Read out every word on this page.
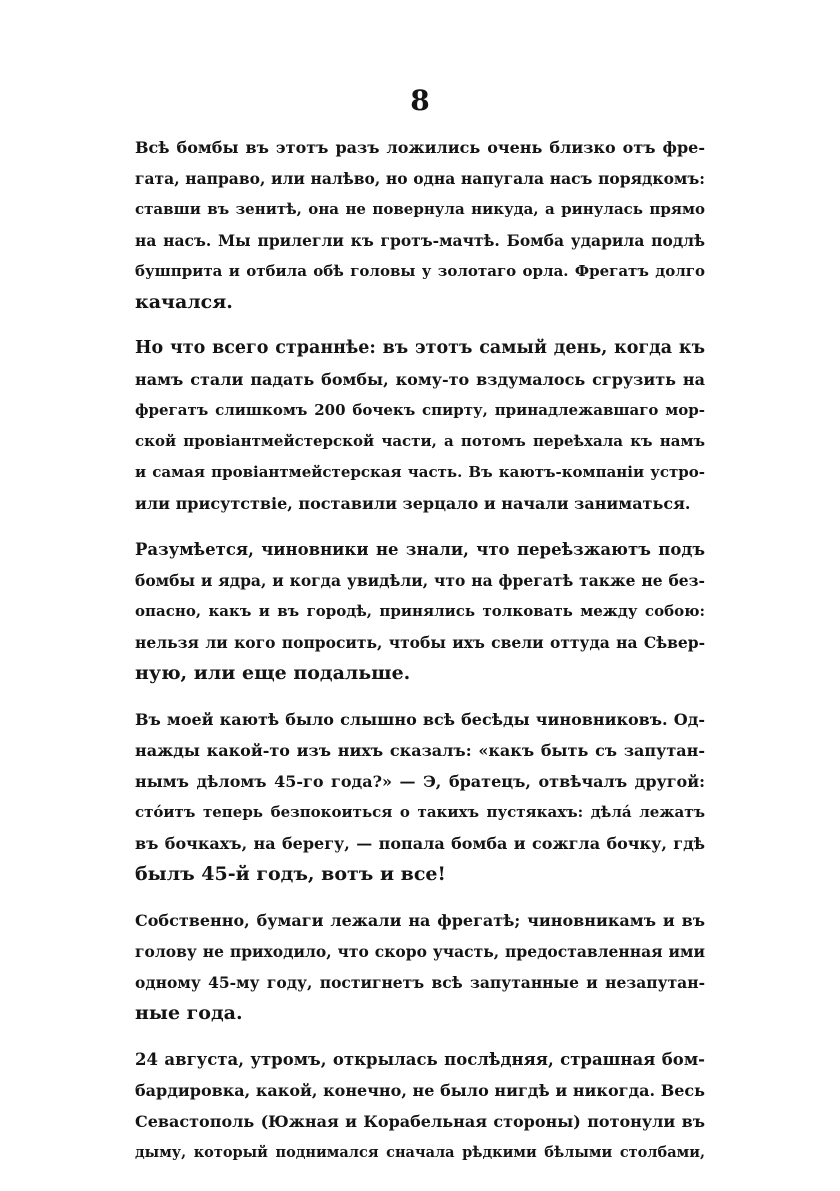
8
Всѣ бомбы въ этотъ разъ ложились очень близко отъ фре-
гата, направо, или налѣво, но одна напугала насъ порядкомъ:
ставши въ зенитѣ, она не повернула никуда, а ринулась прямо
на насъ. Мы прилегли къ гротъ-мачтѣ. Бомба ударила подлѣ
бушприта и отбила обѣ головы у золотаго орла. Фрегатъ долго
качался.
Но что всего страннѣе: въ этотъ самый день, когда къ
намъ стали падать бомбы, кому-то вздумалось сгрузить на
фрегатъ слишкомъ 200 бочекъ спирту, принадлежавшаго мор-
ской провіантмейстерской части, а потомъ переѣхала къ намъ
и самая провіантмейстерская часть. Въ каютъ-компаніи устро-
или присутствіе, поставили зерцало и начали заниматься.
Разумѣется, чиновники не знали, что переѣзжаютъ подъ
бомбы и ядра, и когда увидѣли, что на фрегатѣ также не без-
опасно, какъ и въ городѣ, принялись толковать между собою:
нельзя ли кого попросить, чтобы ихъ свели оттуда на Сѣвер-
ную, или еще подальше.
Въ моей каютѣ было слышно всѣ бесѣды чиновниковъ. Од-
нажды какой-то изъ нихъ сказалъ: «какъ быть съ запутан-
нымъ дѣломъ 45-го года?» — Э, братецъ, отвѣчалъ другой:
стóитъ теперь безпокоиться о такихъ пустякахъ: дѣлá лежатъ
въ бочкахъ, на берегу, — попала бомба и сожгла бочку, гдѣ
былъ 45-й годъ, вотъ и все!
Собственно, бумаги лежали на фрегатѣ; чиновникамъ и въ
голову не приходило, что скоро участь, предоставленная ими
одному 45-му году, постигнетъ всѣ запутанные и незапутан-
ные года.
24 августа, утромъ, открылась послѣдняя, страшная бом-
бардировка, какой, конечно, не было нигдѣ и никогда. Весь
Севастополь (Южная и Корабельная стороны) потонули въ
дыму, который поднимался сначала рѣдкими бѣлыми столбами,
